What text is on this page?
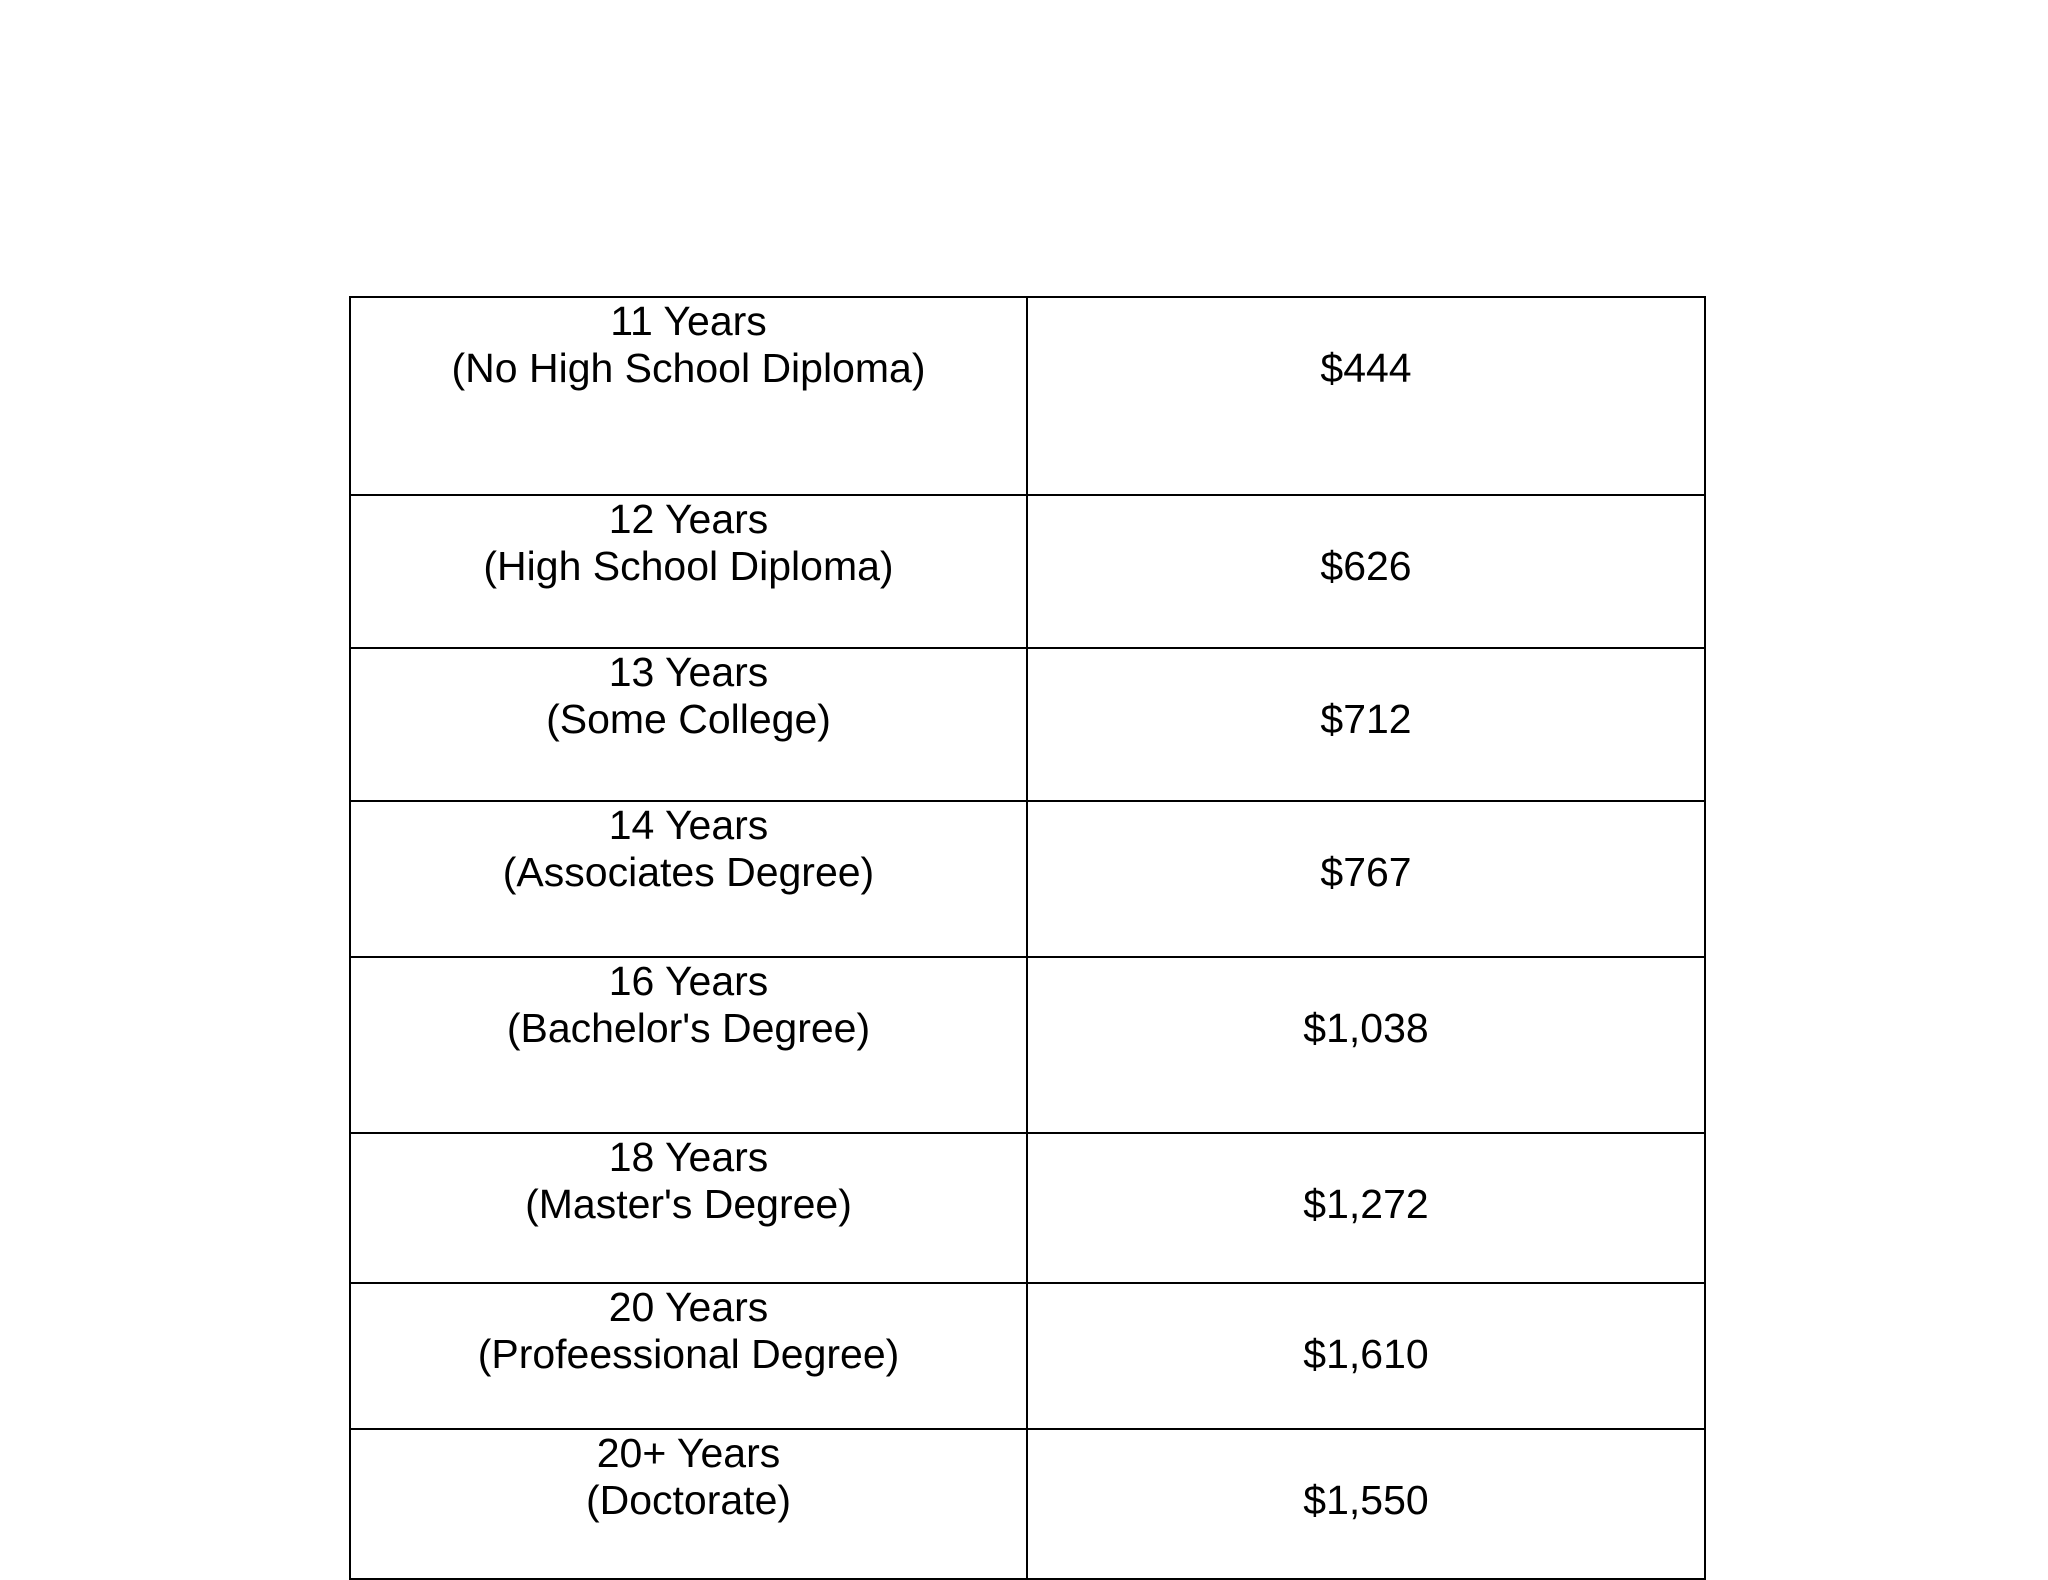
11 Years
(No High School Diploma)	$444

12 Years
(High School Diploma)	$626

13 Years
(Some College)	$712

14 Years
(Associates Degree)	$767

16 Years
(Bachelor's Degree)	$1,038

18 Years
(Master's Degree)	$1,272

20 Years
(Profeessional Degree)	$1,610

20+ Years
(Doctorate)	$1,550
